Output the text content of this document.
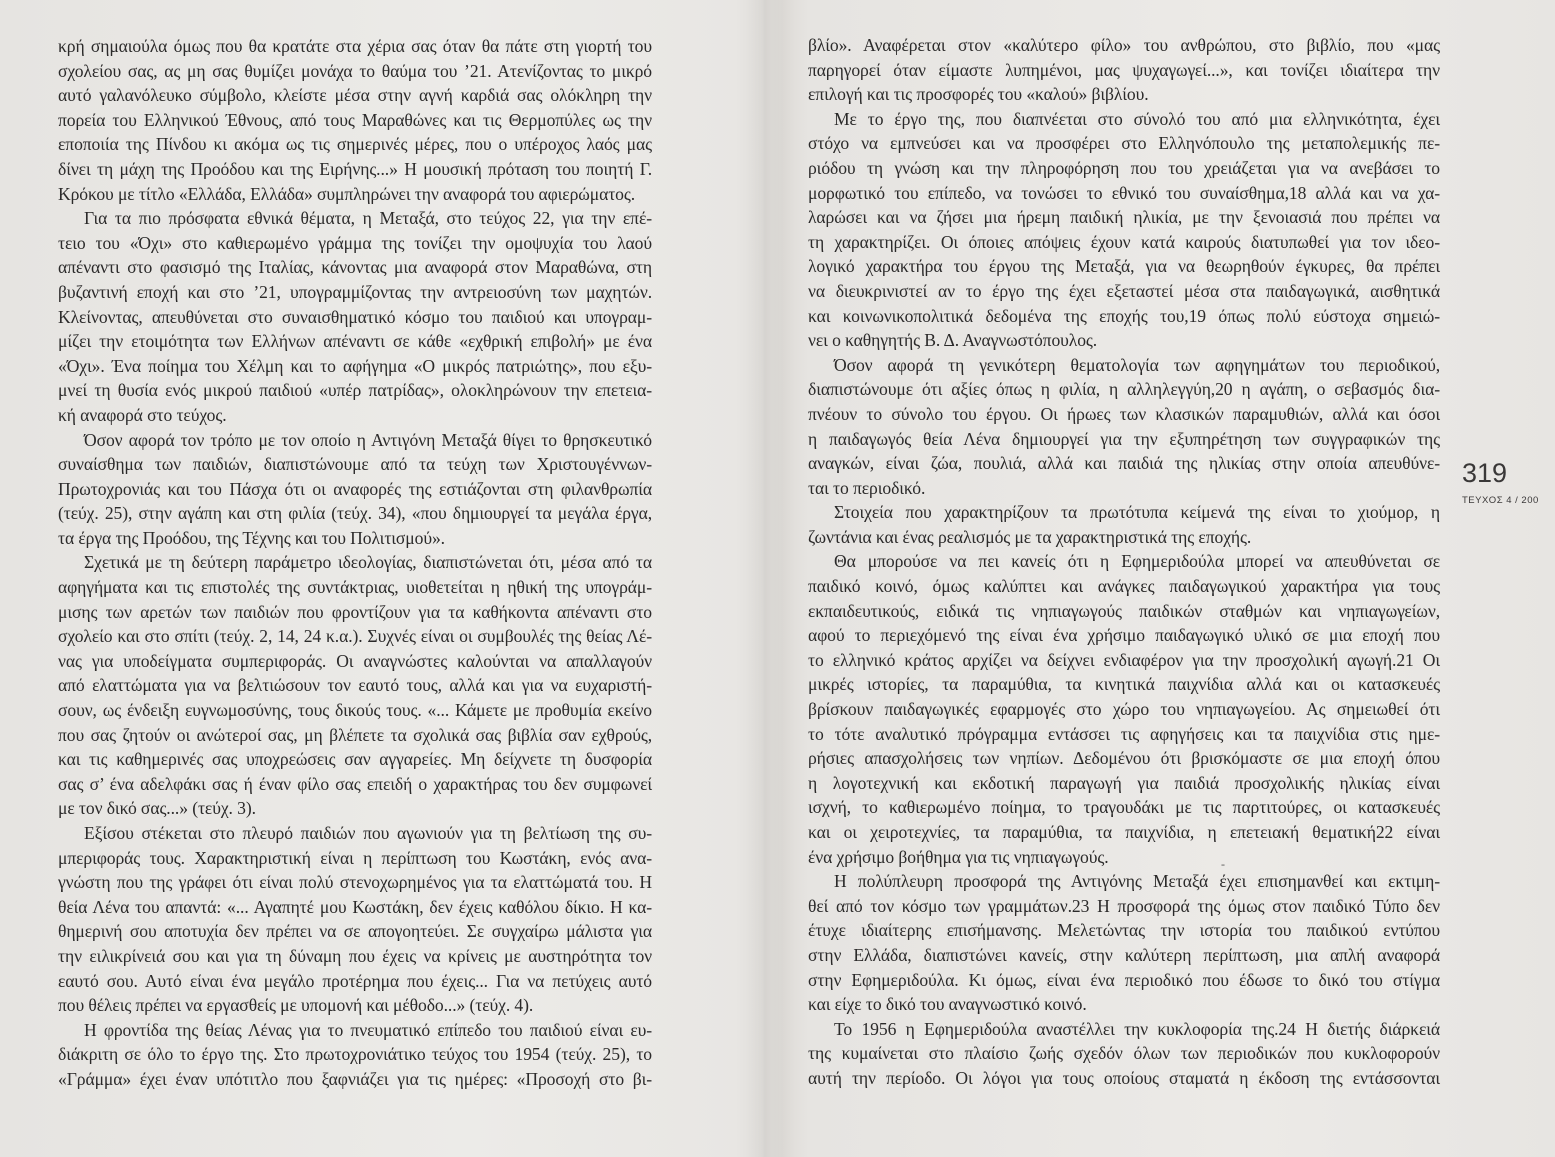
κρή σημαιούλα όμως που θα κρατάτε στα χέρια σας όταν θα πάτε στη γιορτή του
σχολείου σας, ας μη σας θυμίζει μονάχα το θαύμα του ’21. Ατενίζοντας το μικρό
αυτό γαλανόλευκο σύμβολο, κλείστε μέσα στην αγνή καρδιά σας ολόκληρη την
πορεία του Ελληνικού Έθνους, από τους Μαραθώνες και τις Θερμοπύλες ως την
εποποιία της Πίνδου κι ακόμα ως τις σημερινές μέρες, που ο υπέροχος λαός μας
δίνει τη μάχη της Προόδου και της Ειρήνης...» Η μουσική πρόταση του ποιητή Γ.
Κρόκου με τίτλο «Ελλάδα, Ελλάδα» συμπληρώνει την αναφορά του αφιερώματος.
Για τα πιο πρόσφατα εθνικά θέματα, η Μεταξά, στο τεύχος 22, για την επέ-
τειο του «Όχι» στο καθιερωμένο γράμμα της τονίζει την ομοψυχία του λαού
απέναντι στο φασισμό της Ιταλίας, κάνοντας μια αναφορά στον Μαραθώνα, στη
βυζαντινή εποχή και στο ’21, υπογραμμίζοντας την αντρειοσύνη των μαχητών.
Κλείνοντας, απευθύνεται στο συναισθηματικό κόσμο του παιδιού και υπογραμ-
μίζει την ετοιμότητα των Ελλήνων απέναντι σε κάθε «εχθρική επιβολή» με ένα
«Όχι». Ένα ποίημα του Χέλμη και το αφήγημα «Ο μικρός πατριώτης», που εξυ-
μνεί τη θυσία ενός μικρού παιδιού «υπέρ πατρίδας», ολοκληρώνουν την επετεια-
κή αναφορά στο τεύχος.
Όσον αφορά τον τρόπο με τον οποίο η Αντιγόνη Μεταξά θίγει το θρησκευτικό
συναίσθημα των παιδιών, διαπιστώνουμε από τα τεύχη των Χριστουγέννων-
Πρωτοχρονιάς και του Πάσχα ότι οι αναφορές της εστιάζονται στη φιλανθρωπία
(τεύχ. 25), στην αγάπη και στη φιλία (τεύχ. 34), «που δημιουργεί τα μεγάλα έργα,
τα έργα της Προόδου, της Τέχνης και του Πολιτισμού».
Σχετικά με τη δεύτερη παράμετρο ιδεολογίας, διαπιστώνεται ότι, μέσα από τα
αφηγήματα και τις επιστολές της συντάκτριας, υιοθετείται η ηθική της υπογράμ-
μισης των αρετών των παιδιών που φροντίζουν για τα καθήκοντα απέναντι στο
σχολείο και στο σπίτι (τεύχ. 2, 14, 24 κ.α.). Συχνές είναι οι συμβουλές της θείας Λέ-
νας για υποδείγματα συμπεριφοράς. Οι αναγνώστες καλούνται να απαλλαγούν
από ελαττώματα για να βελτιώσουν τον εαυτό τους, αλλά και για να ευχαριστή-
σουν, ως ένδειξη ευγνωμοσύνης, τους δικούς τους. «... Κάμετε με προθυμία εκείνο
που σας ζητούν οι ανώτεροί σας, μη βλέπετε τα σχολικά σας βιβλία σαν εχθρούς,
και τις καθημερινές σας υποχρεώσεις σαν αγγαρείες. Μη δείχνετε τη δυσφορία
σας σ’ ένα αδελφάκι σας ή έναν φίλο σας επειδή ο χαρακτήρας του δεν συμφωνεί
με τον δικό σας...» (τεύχ. 3).
Εξίσου στέκεται στο πλευρό παιδιών που αγωνιούν για τη βελτίωση της συ-
μπεριφοράς τους. Χαρακτηριστική είναι η περίπτωση του Κωστάκη, ενός ανα-
γνώστη που της γράφει ότι είναι πολύ στενοχωρημένος για τα ελαττώματά του. Η
θεία Λένα του απαντά: «... Αγαπητέ μου Κωστάκη, δεν έχεις καθόλου δίκιο. Η κα-
θημερινή σου αποτυχία δεν πρέπει να σε απογοητεύει. Σε συγχαίρω μάλιστα για
την ειλικρίνειά σου και για τη δύναμη που έχεις να κρίνεις με αυστηρότητα τον
εαυτό σου. Αυτό είναι ένα μεγάλο προτέρημα που έχεις... Για να πετύχεις αυτό
που θέλεις πρέπει να εργασθείς με υπομονή και μέθοδο...» (τεύχ. 4).
Η φροντίδα της θείας Λένας για το πνευματικό επίπεδο του παιδιού είναι ευ-
διάκριτη σε όλο το έργο της. Στο πρωτοχρονιάτικο τεύχος του 1954 (τεύχ. 25), το
«Γράμμα» έχει έναν υπότιτλο που ξαφνιάζει για τις ημέρες: «Προσοχή στο βι-
βλίο». Αναφέρεται στον «καλύτερο φίλο» του ανθρώπου, στο βιβλίο, που «μας
παρηγορεί όταν είμαστε λυπημένοι, μας ψυχαγωγεί...», και τονίζει ιδιαίτερα την
επιλογή και τις προσφορές του «καλού» βιβλίου.
Με το έργο της, που διαπνέεται στο σύνολό του από μια ελληνικότητα, έχει
στόχο να εμπνεύσει και να προσφέρει στο Ελληνόπουλο της μεταπολεμικής πε-
ριόδου τη γνώση και την πληροφόρηση που του χρειάζεται για να ανεβάσει το
μορφωτικό του επίπεδο, να τονώσει το εθνικό του συναίσθημα,18 αλλά και να χα-
λαρώσει και να ζήσει μια ήρεμη παιδική ηλικία, με την ξενοιασιά που πρέπει να
τη χαρακτηρίζει. Οι όποιες απόψεις έχουν κατά καιρούς διατυπωθεί για τον ιδεο-
λογικό χαρακτήρα του έργου της Μεταξά, για να θεωρηθούν έγκυρες, θα πρέπει
να διευκρινιστεί αν το έργο της έχει εξεταστεί μέσα στα παιδαγωγικά, αισθητικά
και κοινωνικοπολιτικά δεδομένα της εποχής του,19 όπως πολύ εύστοχα σημειώ-
νει ο καθηγητής Β. Δ. Αναγνωστόπουλος.
Όσον αφορά τη γενικότερη θεματολογία των αφηγημάτων του περιοδικού,
διαπιστώνουμε ότι αξίες όπως η φιλία, η αλληλεγγύη,20 η αγάπη, ο σεβασμός δια-
πνέουν το σύνολο του έργου. Οι ήρωες των κλασικών παραμυθιών, αλλά και όσοι
η παιδαγωγός θεία Λένα δημιουργεί για την εξυπηρέτηση των συγγραφικών της
αναγκών, είναι ζώα, πουλιά, αλλά και παιδιά της ηλικίας στην οποία απευθύνε-
ται το περιοδικό.
Στοιχεία που χαρακτηρίζουν τα πρωτότυπα κείμενά της είναι το χιούμορ, η
ζωντάνια και ένας ρεαλισμός με τα χαρακτηριστικά της εποχής.
Θα μπορούσε να πει κανείς ότι η Εφημεριδούλα μπορεί να απευθύνεται σε
παιδικό κοινό, όμως καλύπτει και ανάγκες παιδαγωγικού χαρακτήρα για τους
εκπαιδευτικούς, ειδικά τις νηπιαγωγούς παιδικών σταθμών και νηπιαγωγείων,
αφού το περιεχόμενό της είναι ένα χρήσιμο παιδαγωγικό υλικό σε μια εποχή που
το ελληνικό κράτος αρχίζει να δείχνει ενδιαφέρον για την προσχολική αγωγή.21 Οι
μικρές ιστορίες, τα παραμύθια, τα κινητικά παιχνίδια αλλά και οι κατασκευές
βρίσκουν παιδαγωγικές εφαρμογές στο χώρο του νηπιαγωγείου. Ας σημειωθεί ότι
το τότε αναλυτικό πρόγραμμα εντάσσει τις αφηγήσεις και τα παιχνίδια στις ημε-
ρήσιες απασχολήσεις των νηπίων. Δεδομένου ότι βρισκόμαστε σε μια εποχή όπου
η λογοτεχνική και εκδοτική παραγωγή για παιδιά προσχολικής ηλικίας είναι
ισχνή, το καθιερωμένο ποίημα, το τραγουδάκι με τις παρτιτούρες, οι κατασκευές
και οι χειροτεχνίες, τα παραμύθια, τα παιχνίδια, η επετειακή θεματική22 είναι
ένα χρήσιμο βοήθημα για τις νηπιαγωγούς.
Η πολύπλευρη προσφορά της Αντιγόνης Μεταξά έχει επισημανθεί και εκτιμη-
θεί από τον κόσμο των γραμμάτων.23 Η προσφορά της όμως στον παιδικό Τύπο δεν
έτυχε ιδιαίτερης επισήμανσης. Μελετώντας την ιστορία του παιδικού εντύπου
στην Ελλάδα, διαπιστώνει κανείς, στην καλύτερη περίπτωση, μια απλή αναφορά
στην Εφημεριδούλα. Κι όμως, είναι ένα περιοδικό που έδωσε το δικό του στίγμα
και είχε το δικό του αναγνωστικό κοινό.
Το 1956 η Εφημεριδούλα αναστέλλει την κυκλοφορία της.24 Η διετής διάρκειά
της κυμαίνεται στο πλαίσιο ζωής σχεδόν όλων των περιοδικών που κυκλοφορούν
αυτή την περίοδο. Οι λόγοι για τους οποίους σταματά η έκδοση της εντάσσονται
319
ΤΕΥΧΟΣ 4 / 200
-
